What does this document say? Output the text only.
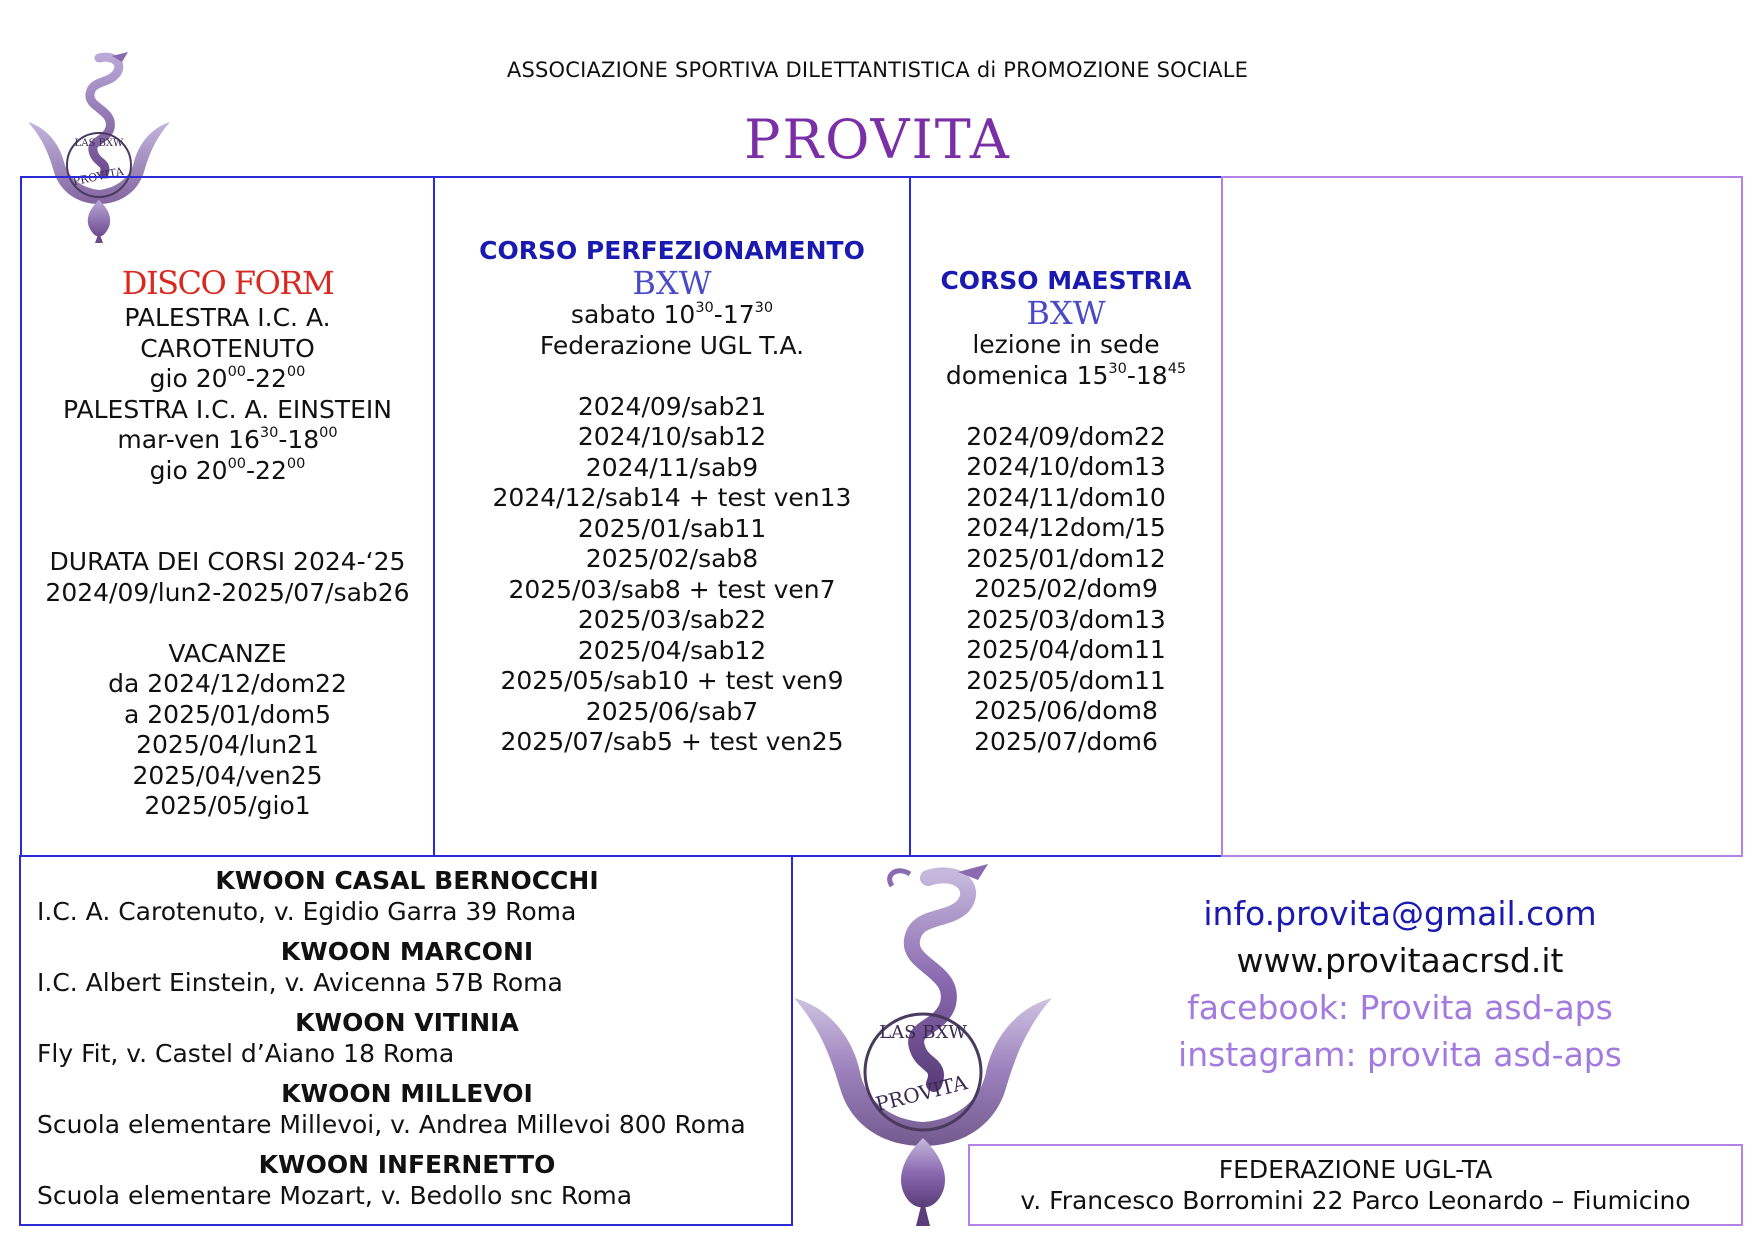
ASSOCIAZIONE SPORTIVA DILETTANTISTICA di PROMOZIONE SOCIALE
PROVITA
PROVITA
LAS BXW
DISCO FORM
PALESTRA I.C. A.
CAROTENUTO
gio $20^{00}-22^{00}$
PALESTRA I.C. A. EINSTEIN
mar-ven $16^{30}-18^{00}$
gio $20^{00}-22^{00}$
DURATA DEI CORSI 2024-‘25
2024/09/lun2-2025/07/sab26
VACANZE
da 2024/12/dom22
a 2025/01/dom5
2025/04/lun21
2025/04/ven25
2025/05/gio1
CORSO PERFEZIONAMENTO
BXW
sabato $10^{30}-17^{30}$
Federazione UGL T.A.
2024/09/sab21
2024/10/sab12
2024/11/sab9
2024/12/sab14 + test ven13
2025/01/sab11
2025/02/sab8
2025/03/sab8 + test ven7
2025/03/sab22
2025/04/sab12
2025/05/sab10 + test ven9
2025/06/sab7
2025/07/sab5 + test ven25
CORSO MAESTRIA
BXW
lezione in sede
domenica $15^{30}-18^{45}$
2024/09/dom22
2024/10/dom13
2024/11/dom10
2024/12dom/15
2025/01/dom12
2025/02/dom9
2025/03/dom13
2025/04/dom11
2025/05/dom11
2025/06/dom8
2025/07/dom6
KWOON CASAL BERNOCCHI
I.C. A. Carotenuto, v. Egidio Garra 39 Roma
KWOON MARCONI
I.C. Albert Einstein, v. Avicenna 57B Roma
KWOON VITINIA
Fly Fit, v. Castel d’Aiano 18 Roma
KWOON MILLEVOI
Scuola elementare Millevoi, v. Andrea Millevoi 800 Roma
KWOON INFERNETTO
Scuola elementare Mozart, v. Bedollo snc Roma
PROVITA
LAS BXW
info.provita@gmail.com
www.provitaacrsd.it
facebook: Provita asd-aps
instagram: provita asd-aps
FEDERAZIONE UGL-TA
v. Francesco Borromini 22 Parco Leonardo – Fiumicino
